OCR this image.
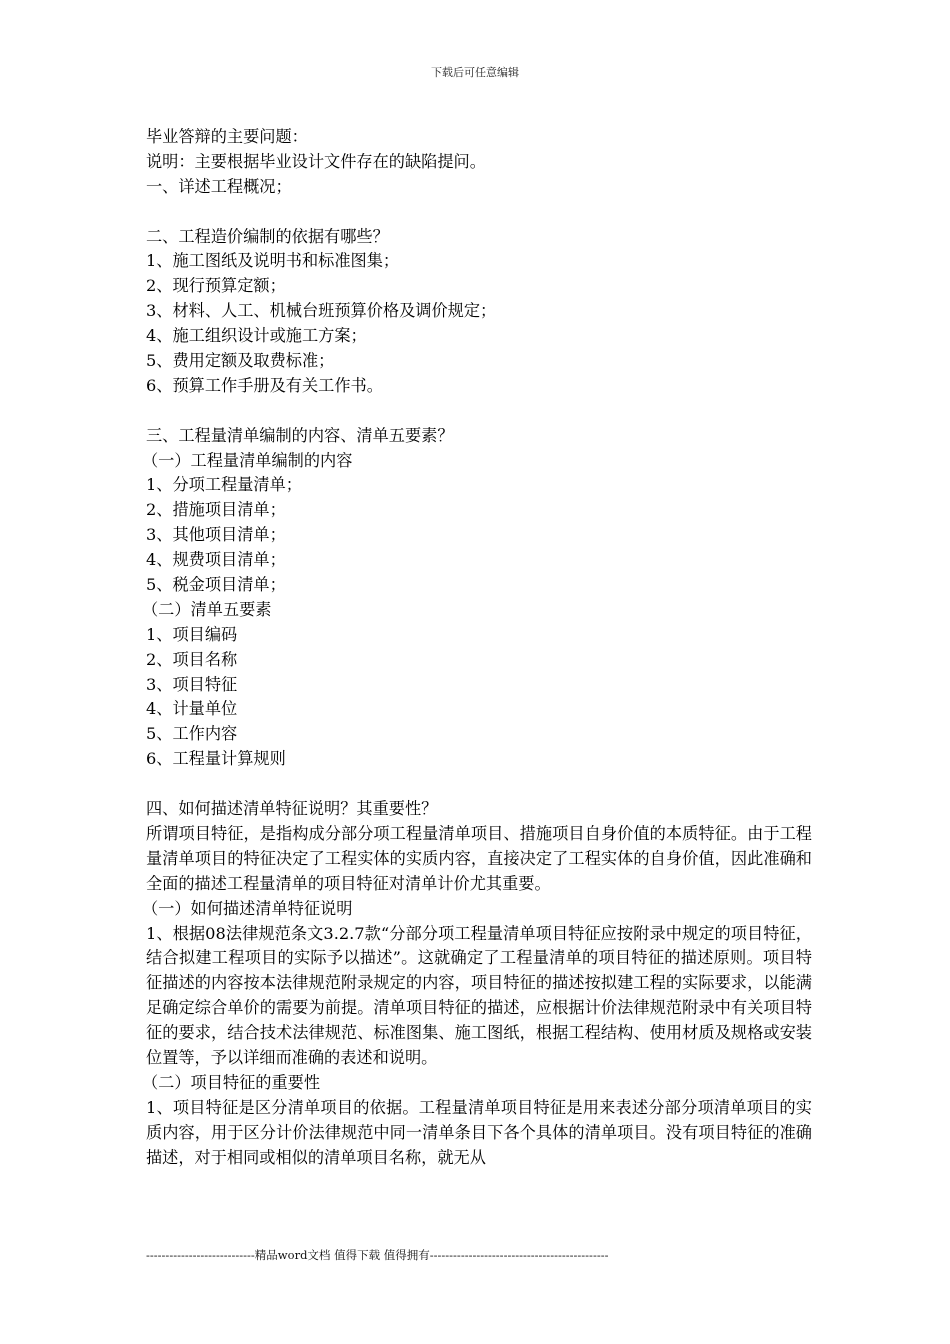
下载后可任意编辑
毕业答辩的主要问题：
说明：主要根据毕业设计文件存在的缺陷提问。
一、详述工程概况；
二、工程造价编制的依据有哪些？
1、施工图纸及说明书和标准图集；
2、现行预算定额；
3、材料、人工、机械台班预算价格及调价规定；
4、施工组织设计或施工方案；
5、费用定额及取费标准；
6、预算工作手册及有关工作书。
三、工程量清单编制的内容、清单五要素？
（一）工程量清单编制的内容
1、分项工程量清单；
2、措施项目清单；
3、其他项目清单；
4、规费项目清单；
5、税金项目清单；
（二）清单五要素
1、项目编码
2、项目名称
3、项目特征
4、计量单位
5、工作内容
6、工程量计算规则
四、如何描述清单特征说明？其重要性？

所谓项目特征，是指构成分部分项工程量清单项目、措施项目自身价值的本质特征。由于工程量清单项目的特征决定了工程实体的实质内容，直接决定了工程实体的自身价值，因此准确和全面的描述工程量清单的项目特征对清单计价尤其重要。

（一）如何描述清单特征说明

1、根据08法律规范条文3.2.7款“分部分项工程量清单项目特征应按附录中规定的项目特征，结合拟建工程项目的实际予以描述”。这就确定了工程量清单的项目特征的描述原则。项目特征描述的内容按本法律规范附录规定的内容，项目特征的描述按拟建工程的实际要求，以能满足确定综合单价的需要为前提。清单项目特征的描述，应根据计价法律规范附录中有关项目特征的要求，结合技术法律规范、标准图集、施工图纸，根据工程结构、使用材质及规格或安装位置等，予以详细而准确的表述和说明。

（二）项目特征的重要性

1、项目特征是区分清单项目的依据。工程量清单项目特征是用来表述分部分项清单项目的实质内容，用于区分计价法律规范中同一清单条目下各个具体的清单项目。没有项目特征的准确描述，对于相同或相似的清单项目名称，就无从

----------------------------精品word文档 值得下载 值得拥有----------------------------------------------
